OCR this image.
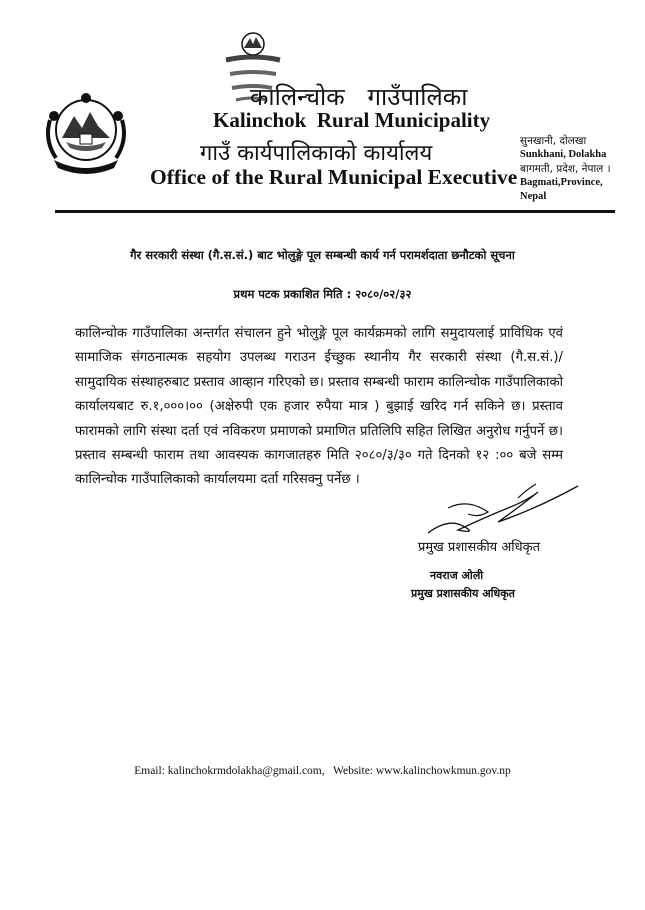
कालिन्चोक   गाउँपालिका
Kalinchok  Rural Municipality
गाउँ कार्यपालिकाको कार्यालय
Office of the Rural Municipal Executive
सुनखानी, दोलखा
Sunkhani, Dolakha
बागमती, प्रदेश, नेपाल ।
Bagmati,Province,
Nepal
गैर सरकारी संस्था (गै.स.सं.) बाट भोलुङ्गे पूल सम्बन्धी कार्य गर्न परामर्शदाता छनौटको सूचना
प्रथम पटक प्रकाशित मिति : २०८०/०२/३२
कालिन्चोक गाउँपालिका अन्तर्गत संचालन हुने भोलुङ्गे पूल कार्यक्रमको लागि समुदायलाई प्राविधिक एवं सामाजिक संगठनात्मक सहयोग उपलब्ध गराउन ईच्छुक स्थानीय गैर सरकारी संस्था (गै.स.सं.)/सामुदायिक संस्थाहरुबाट प्रस्ताव आव्हान गरिएको छ। प्रस्ताव सम्बन्धी फाराम कालिन्चोक गाउँपालिकाको कार्यालयबाट रु.१,०००।०० (अक्षेरुपी एक हजार रुपैया मात्र ) बुझाई खरिद गर्न सकिने छ। प्रस्ताव फारामको लागि संस्था दर्ता एवं नविकरण प्रमाणको प्रमाणित प्रतिलिपि सहित लिखित अनुरोध गर्नुपर्ने छ। प्रस्ताव सम्बन्धी फाराम तथा आवस्यक कागजातहरु मिति २०८०/३/३० गते दिनको १२ :०० बजे सम्म कालिन्चोक गाउँपालिकाको कार्यालयमा दर्ता गरिसक्नु पर्नेछ ।
प्रमुख प्रशासकीय अधिकृत
नवराज ओली
प्रमुख प्रशासकीय अधिकृत
Email: kalinchokrmdolakha@gmail.com,   Website: www.kalinchowkmun.gov.np
